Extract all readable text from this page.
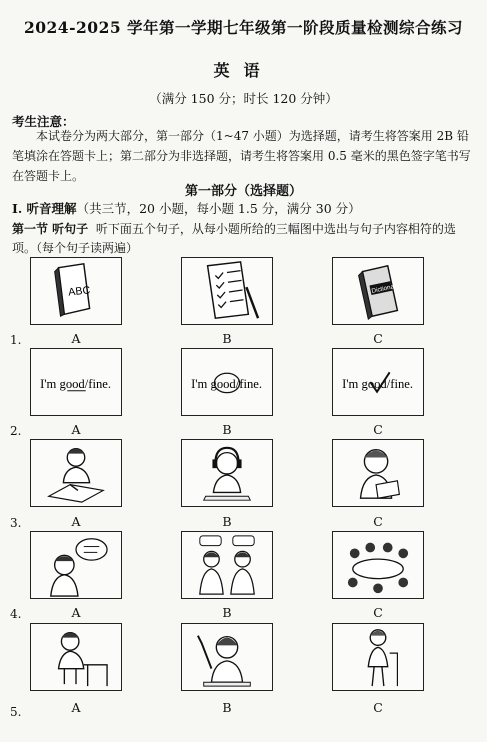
2024-2025 学年第一学期七年级第一阶段质量检测综合练习
英语
（满分 150 分；时长 120 分钟）
考生注意：
本试卷分为两大部分，第一部分（1~47 小题）为选择题，请考生将答案用 2B 铅笔填涂在答题卡上；第二部分为非选择题，请考生将答案用 0.5 毫米的黑色签字笔书写在答题卡上。
第一部分（选择题）
I. 听音理解（共三节，20 小题，每小题 1.5 分，满分 30 分）
第一节 听句子 听下面五个句子，从每小题所给的三幅图中选出与句子内容相符的选项。（每个句子读两遍）
ABC	Dictionary
1.	A	B	C
I'm good/fine.	I'm good/fine.	I'm good/fine.
2.	A	B	C
3.	A	B	C
4.	A	B	C
5.	A	B	C
